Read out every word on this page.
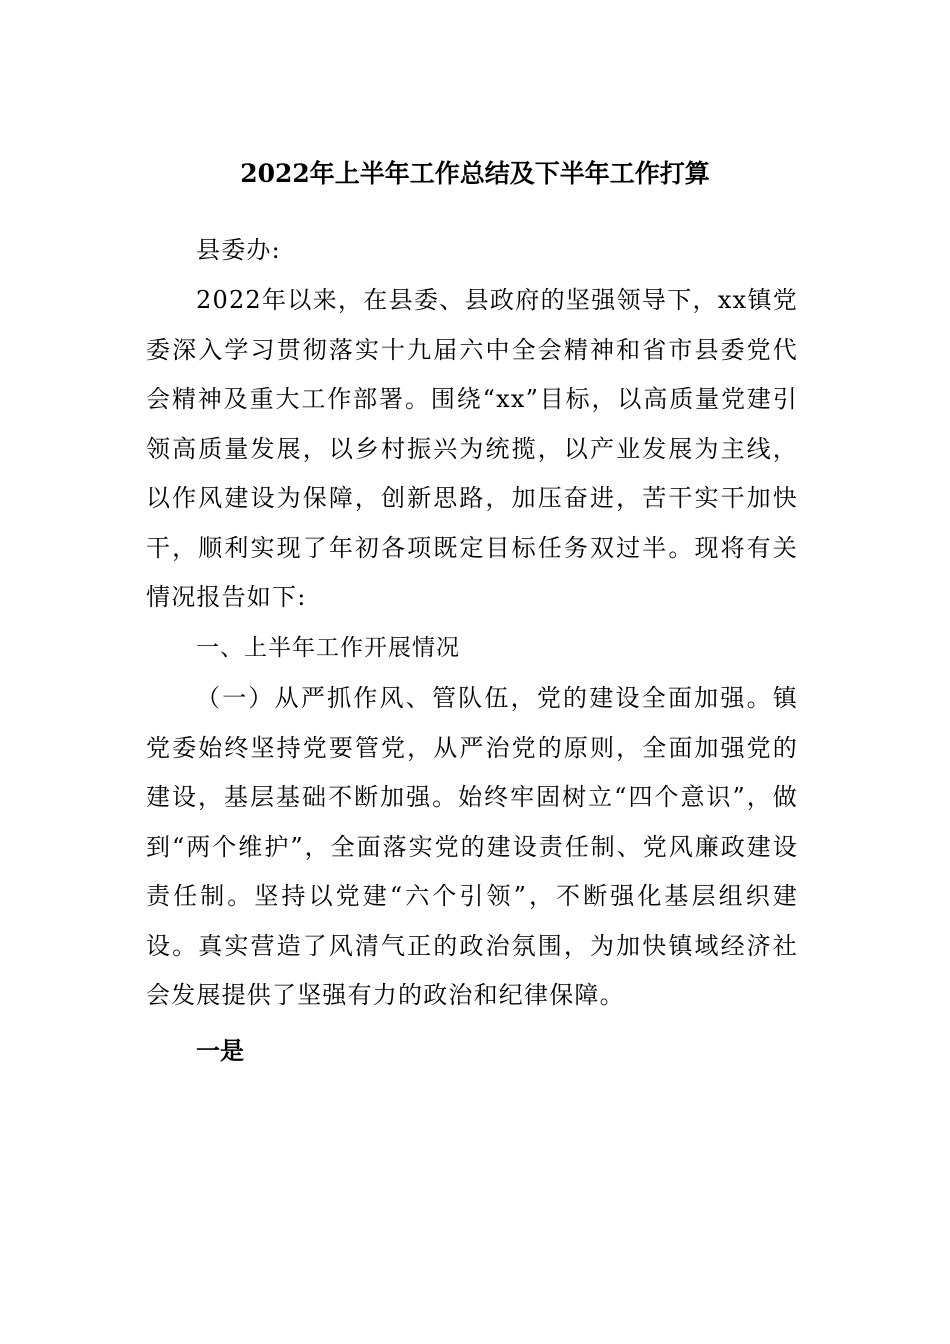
2022年上半年工作总结及下半年工作打算

县委办:

2022年以来，在县委、县政府的坚强领导下，xx镇党委深入学习贯彻落实十九届六中全会精神和省市县委党代会精神及重大工作部署。围绕“xx”目标，以高质量党建引领高质量发展，以乡村振兴为统揽，以产业发展为主线，以作风建设为保障，创新思路，加压奋进，苦干实干加快干，顺利实现了年初各项既定目标任务双过半。现将有关情况报告如下:

一、上半年工作开展情况

（一）从严抓作风、管队伍，党的建设全面加强。镇党委始终坚持党要管党，从严治党的原则，全面加强党的建设，基层基础不断加强。始终牢固树立“四个意识”，做到“两个维护”，全面落实党的建设责任制、党风廉政建设责任制。坚持以党建“六个引领”，不断强化基层组织建设。真实营造了风清气正的政治氛围，为加快镇域经济社会发展提供了坚强有力的政治和纪律保障。

一是
